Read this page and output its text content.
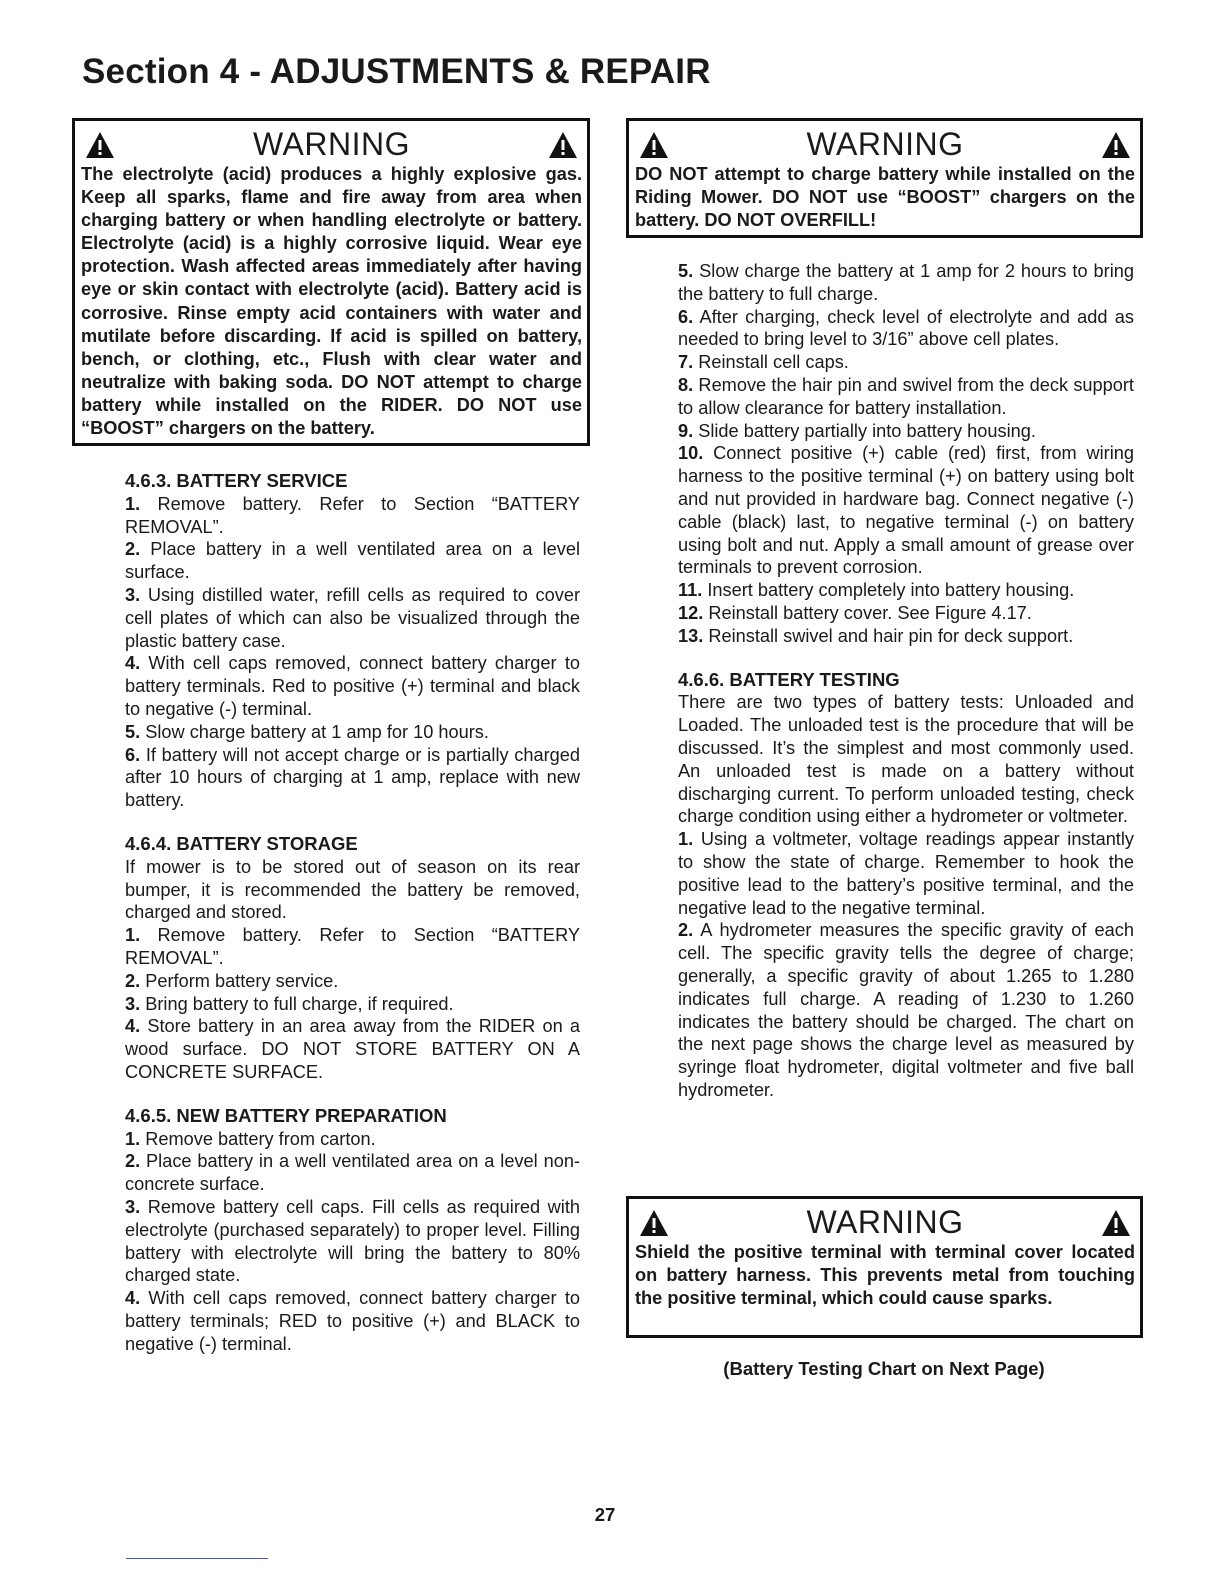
Section 4 - ADJUSTMENTS & REPAIR
WARNING

The electrolyte (acid) produces a highly explosive gas. Keep all sparks, flame and fire away from area when charging battery or when handling electrolyte or battery. Electrolyte (acid) is a highly corrosive liquid. Wear eye protection. Wash affected areas immediately after having eye or skin contact with electrolyte (acid). Battery acid is corrosive. Rinse empty acid containers with water and mutilate before discarding. If acid is spilled on battery, bench, or clothing, etc., Flush with clear water and neutralize with baking soda. DO NOT attempt to charge battery while installed on the RIDER. DO NOT use “BOOST” chargers on the battery.

WARNING

DO NOT attempt to charge battery while installed on the Riding Mower. DO NOT use “BOOST” chargers on the battery. DO NOT OVERFILL!

4.6.3. BATTERY SERVICE

1. Remove battery. Refer to Section “BATTERY REMOVAL”.

2. Place battery in a well ventilated area on a level surface.

3. Using distilled water, refill cells as required to cover cell plates of which can also be visualized through the plastic battery case.

4. With cell caps removed, connect battery charger to battery terminals. Red to positive (+) terminal and black to negative (-) terminal.

5. Slow charge battery at 1 amp for 10 hours.

6. If battery will not accept charge or is partially charged after 10 hours of charging at 1 amp, replace with new battery.

4.6.4. BATTERY STORAGE

If mower is to be stored out of season on its rear bumper, it is recommended the battery be removed, charged and stored.

1. Remove battery. Refer to Section “BATTERY REMOVAL”.

2. Perform battery service.

3. Bring battery to full charge, if required.

4. Store battery in an area away from the RIDER on a wood surface. DO NOT STORE BATTERY ON A CONCRETE SURFACE.

4.6.5. NEW BATTERY PREPARATION

1. Remove battery from carton.

2. Place battery in a well ventilated area on a level non-concrete surface.

3. Remove battery cell caps. Fill cells as required with electrolyte (purchased separately) to proper level. Filling battery with electrolyte will bring the battery to 80% charged state.

4. With cell caps removed, connect battery charger to battery terminals; RED to positive (+) and BLACK to negative (-) terminal.

5. Slow charge the battery at 1 amp for 2 hours to bring the battery to full charge.

6. After charging, check level of electrolyte and add as needed to bring level to 3/16” above cell plates.

7. Reinstall cell caps.

8. Remove the hair pin and swivel from the deck support to allow clearance for battery installation.

9. Slide battery partially into battery housing.

10. Connect positive (+) cable (red) first, from wiring harness to the positive terminal (+) on battery using bolt and nut provided in hardware bag. Connect negative (-) cable (black) last, to negative terminal (-) on battery using bolt and nut. Apply a small amount of grease over terminals to prevent corrosion.

11. Insert battery completely into battery housing.

12. Reinstall battery cover. See Figure 4.17.

13. Reinstall swivel and hair pin for deck support.

4.6.6. BATTERY TESTING

There are two types of battery tests: Unloaded and Loaded. The unloaded test is the procedure that will be discussed. It’s the simplest and most commonly used. An unloaded test is made on a battery without discharging current. To perform unloaded testing, check charge condition using either a hydrometer or voltmeter.

1. Using a voltmeter, voltage readings appear instantly to show the state of charge. Remember to hook the positive lead to the battery’s positive terminal, and the negative lead to the negative terminal.

2. A hydrometer measures the specific gravity of each cell. The specific gravity tells the degree of charge; generally, a specific gravity of about 1.265 to 1.280 indicates full charge. A reading of 1.230 to 1.260 indicates the battery should be charged. The chart on the next page shows the charge level as measured by syringe float hydrometer, digital voltmeter and five ball hydrometer.

WARNING

Shield the positive terminal with terminal cover located on battery harness. This prevents metal from touching the positive terminal, which could cause sparks.

(Battery Testing Chart on Next Page)
27
